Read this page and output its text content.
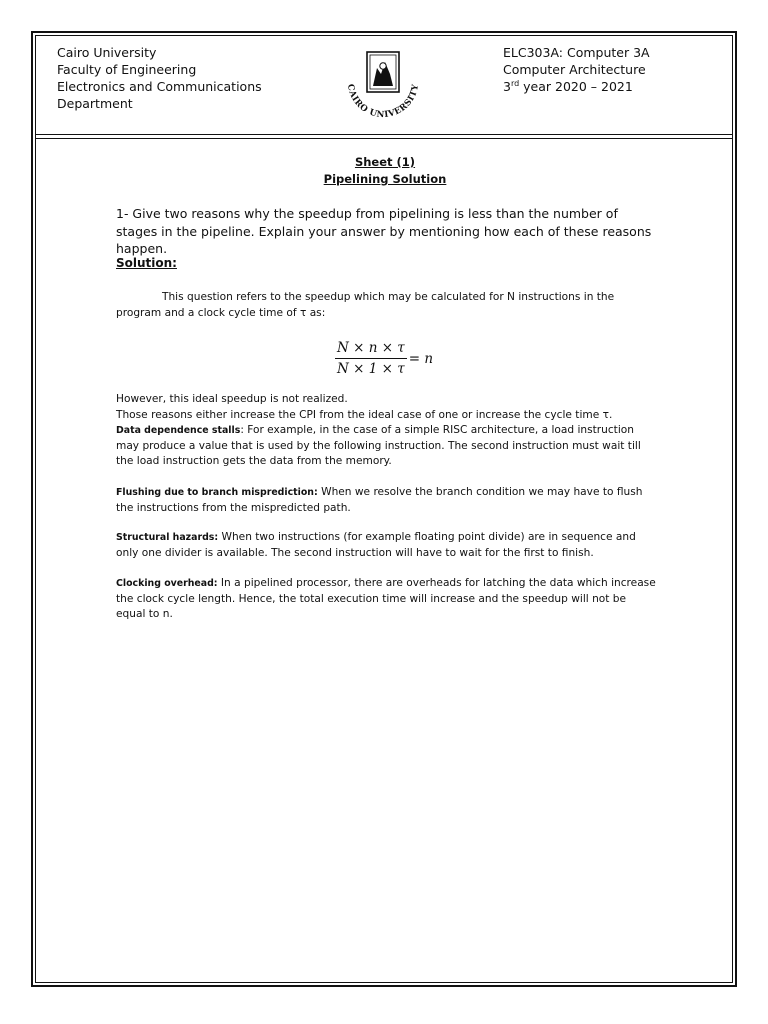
Cairo University
Faculty of Engineering
Electronics and Communications
Department
CAIRO UNIVERSITY
ELC303A: Computer 3A
Computer Architecture
3rd year 2020 – 2021
Sheet (1)
Pipelining Solution
1- Give two reasons why the speedup from pipelining is less than the number of stages in the pipeline. Explain your answer by mentioning how each of these reasons happen.
Solution:
This question refers to the speedup which may be calculated for N instructions in the program and a clock cycle time of τ as:
$\frac{N \times n \times \tau}{N \times 1 \times \tau} = n$
However, this ideal speedup is not realized.
Those reasons either increase the CPI from the ideal case of one or increase the cycle time τ.
Data dependence stalls: For example, in the case of a simple RISC architecture, a load instruction may produce a value that is used by the following instruction. The second instruction must wait till the load instruction gets the data from the memory.
Flushing due to branch misprediction: When we resolve the branch condition we may have to flush the instructions from the mispredicted path.
Structural hazards: When two instructions (for example floating point divide) are in sequence and only one divider is available. The second instruction will have to wait for the first to finish.
Clocking overhead: In a pipelined processor, there are overheads for latching the data which increase the clock cycle length. Hence, the total execution time will increase and the speedup will not be equal to n.
